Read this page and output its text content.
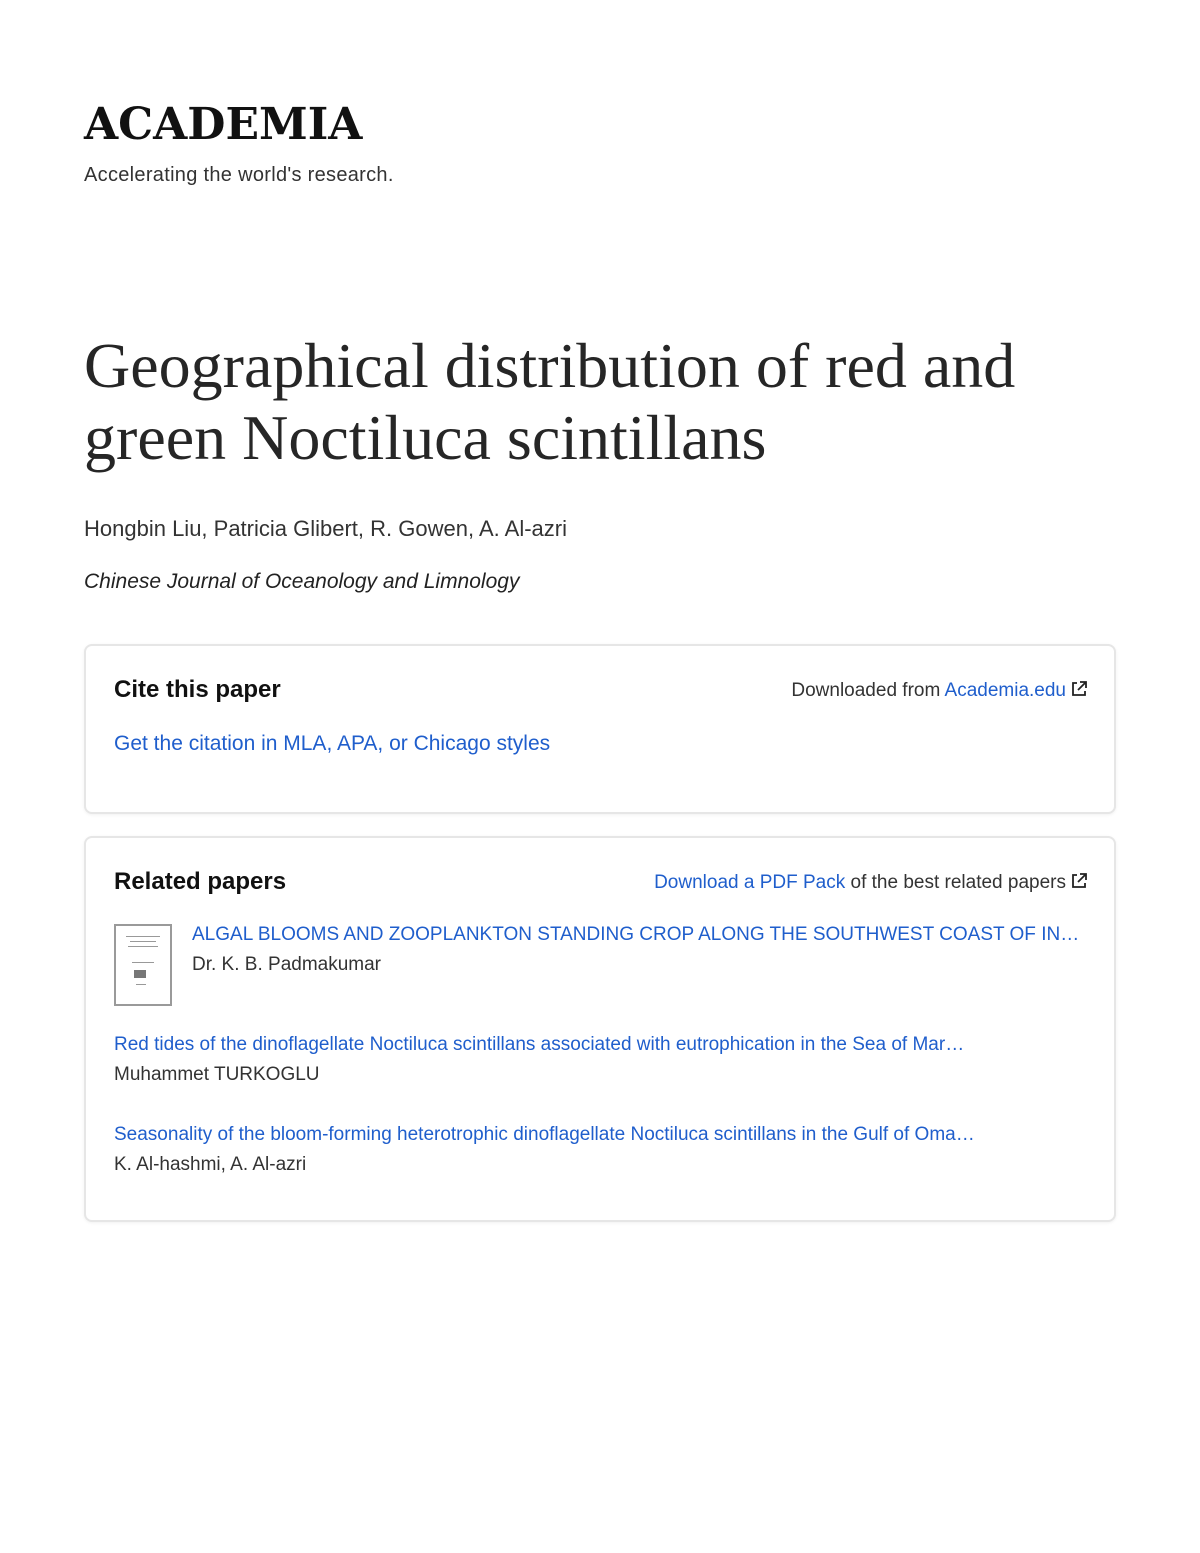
ACADEMIA
Accelerating the world's research.
Geographical distribution of red and green Noctiluca scintillans
Hongbin Liu, Patricia Glibert, R. Gowen, A. Al-azri
Chinese Journal of Oceanology and Limnology
Cite this paper	Downloaded from Academia.edu
Get the citation in MLA, APA, or Chicago styles
Related papers	Download a PDF Pack of the best related papers
ALGAL BLOOMS AND ZOOPLANKTON STANDING CROP ALONG THE SOUTHWEST COAST OF IN…
Dr. K. B. Padmakumar
Red tides of the dinoflagellate Noctiluca scintillans associated with eutrophication in the Sea of Mar…
Muhammet TURKOGLU
Seasonality of the bloom-forming heterotrophic dinoflagellate Noctiluca scintillans in the Gulf of Oma…
K. Al-hashmi, A. Al-azri
